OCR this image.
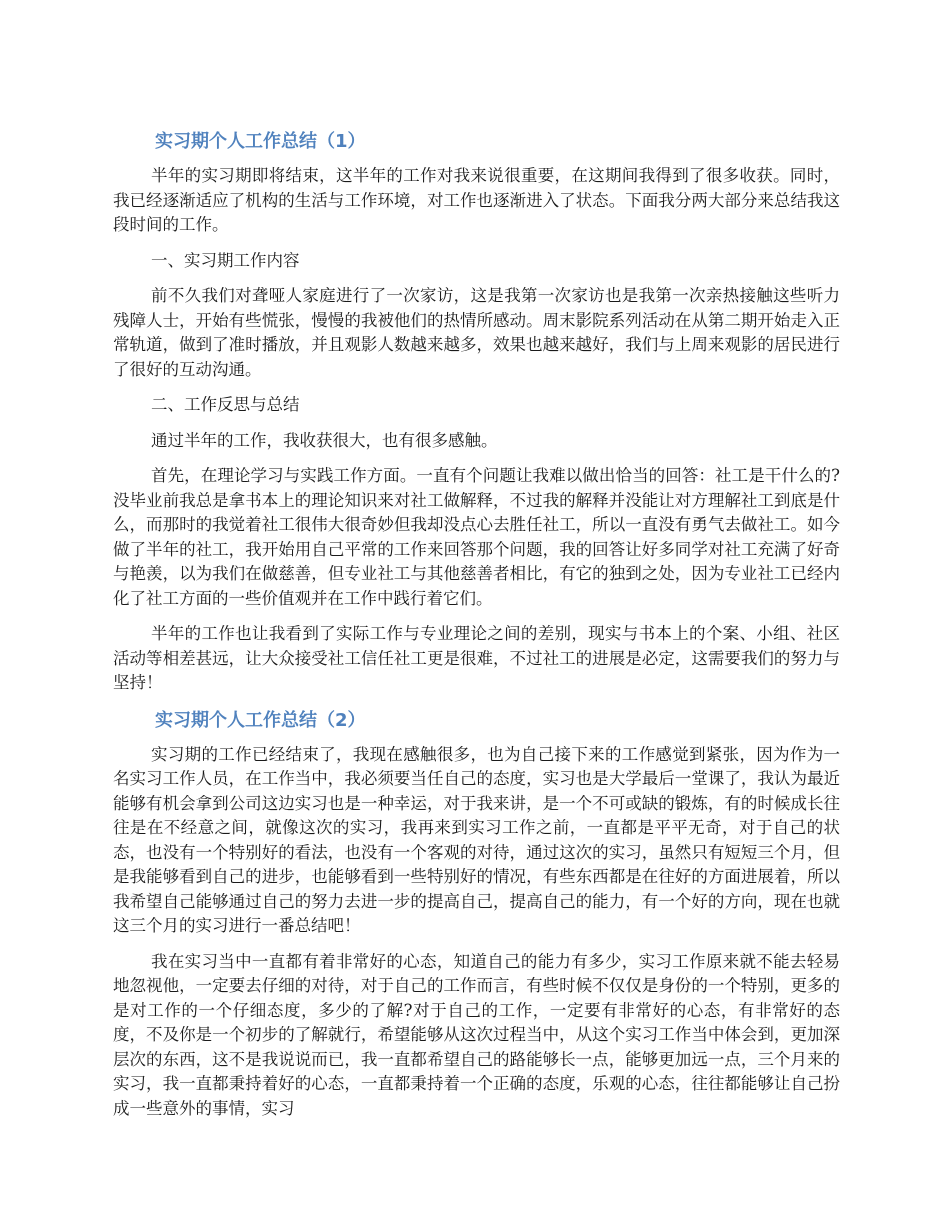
实习期个人工作总结（1）

半年的实习期即将结束，这半年的工作对我来说很重要，在这期间我得到了很多收获。同时，我已经逐渐适应了机构的生活与工作环境，对工作也逐渐进入了状态。下面我分两大部分来总结我这段时间的工作。

一、实习期工作内容

前不久我们对聋哑人家庭进行了一次家访，这是我第一次家访也是我第一次亲热接触这些听力残障人士，开始有些慌张，慢慢的我被他们的热情所感动。周末影院系列活动在从第二期开始走入正常轨道，做到了准时播放，并且观影人数越来越多，效果也越来越好，我们与上周来观影的居民进行了很好的互动沟通。

二、工作反思与总结

通过半年的工作，我收获很大，也有很多感触。

首先，在理论学习与实践工作方面。一直有个问题让我难以做出恰当的回答：社工是干什么的?没毕业前我总是拿书本上的理论知识来对社工做解释，不过我的解释并没能让对方理解社工到底是什么，而那时的我觉着社工很伟大很奇妙但我却没点心去胜任社工，所以一直没有勇气去做社工。如今做了半年的社工，我开始用自己平常的工作来回答那个问题，我的回答让好多同学对社工充满了好奇与艳羡，以为我们在做慈善，但专业社工与其他慈善者相比，有它的独到之处，因为专业社工已经内化了社工方面的一些价值观并在工作中践行着它们。

半年的工作也让我看到了实际工作与专业理论之间的差别，现实与书本上的个案、小组、社区活动等相差甚远，让大众接受社工信任社工更是很难，不过社工的进展是必定，这需要我们的努力与坚持！

实习期个人工作总结（2）

实习期的工作已经结束了，我现在感触很多，也为自己接下来的工作感觉到紧张，因为作为一名实习工作人员，在工作当中，我必须要当任自己的态度，实习也是大学最后一堂课了，我认为最近能够有机会拿到公司这边实习也是一种幸运，对于我来讲，是一个不可或缺的锻炼，有的时候成长往往是在不经意之间，就像这次的实习，我再来到实习工作之前，一直都是平平无奇，对于自己的状态，也没有一个特别好的看法，也没有一个客观的对待，通过这次的实习，虽然只有短短三个月，但是我能够看到自己的进步，也能够看到一些特别好的情况，有些东西都是在往好的方面进展着，所以我希望自己能够通过自己的努力去进一步的提高自己，提高自己的能力，有一个好的方向，现在也就这三个月的实习进行一番总结吧！

我在实习当中一直都有着非常好的心态，知道自己的能力有多少，实习工作原来就不能去轻易地忽视他，一定要去仔细的对待，对于自己的工作而言，有些时候不仅仅是身份的一个特别，更多的是对工作的一个仔细态度，多少的了解?对于自己的工作，一定要有非常好的心态，有非常好的态度，不及你是一个初步的了解就行，希望能够从这次过程当中，从这个实习工作当中体会到，更加深层次的东西，这不是我说说而已，我一直都希望自己的路能够长一点，能够更加远一点，三个月来的实习，我一直都秉持着好的心态，一直都秉持着一个正确的态度，乐观的心态，往往都能够让自己扮成一些意外的事情，实习
